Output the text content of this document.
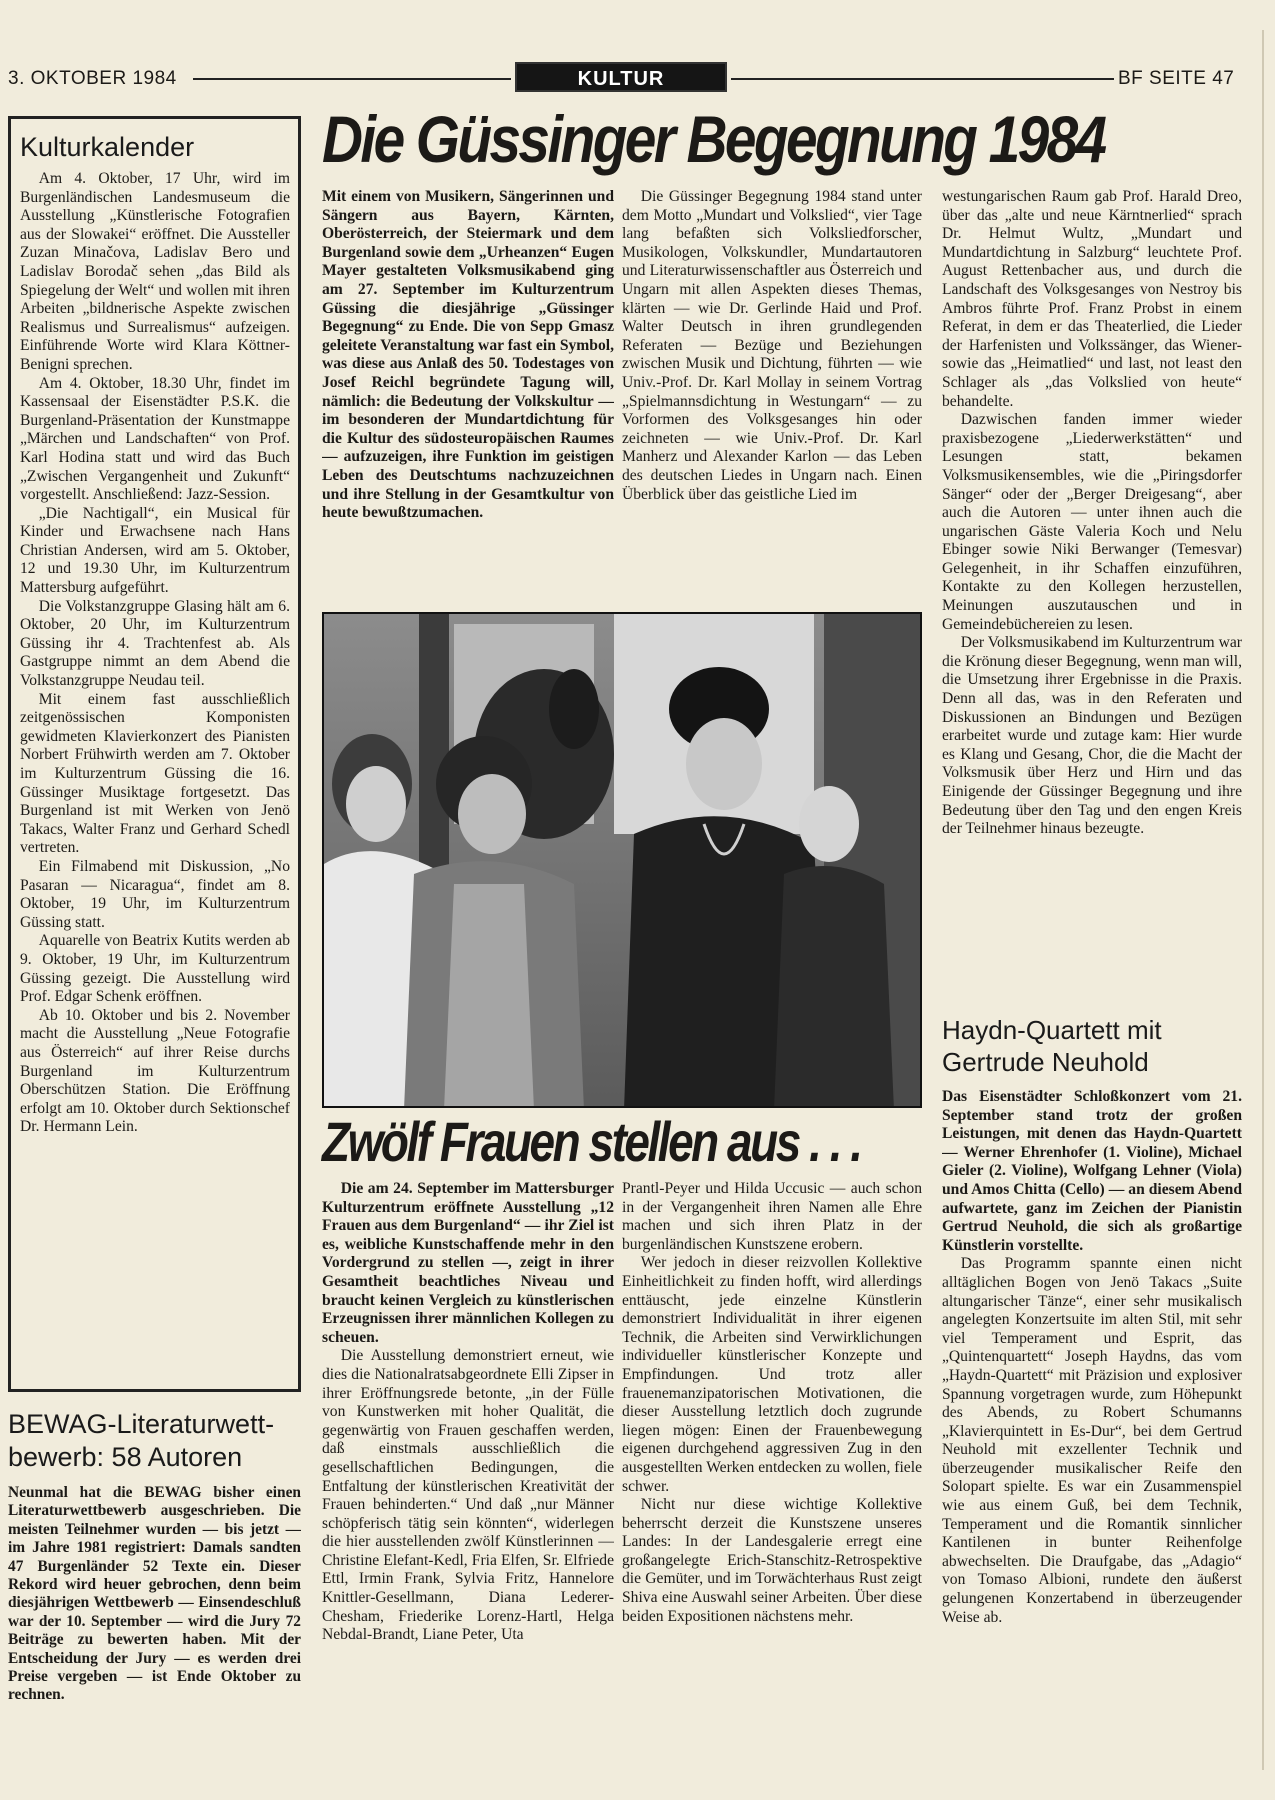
3. OKTOBER 1984	KULTUR	BF SEITE 47
Kulturkalender

Am 4. Oktober, 17 Uhr, wird im Burgenländischen Landesmuseum die Ausstellung „Künstlerische Fotografien aus der Slowakei“ eröffnet. Die Aussteller Zuzan Minačova, Ladislav Bero und Ladislav Borodač sehen „das Bild als Spiegelung der Welt“ und wollen mit ihren Arbeiten „bildnerische Aspekte zwischen Realismus und Surrealismus“ aufzeigen. Einführende Worte wird Klara Köttner-Benigni sprechen.

Am 4. Oktober, 18.30 Uhr, findet im Kassensaal der Eisenstädter P.S.K. die Burgenland-Präsentation der Kunstmappe „Märchen und Landschaften“ von Prof. Karl Hodina statt und wird das Buch „Zwischen Vergangenheit und Zukunft“ vorgestellt. Anschließend: Jazz-Session.

„Die Nachtigall“, ein Musical für Kinder und Erwachsene nach Hans Christian Andersen, wird am 5. Oktober, 12 und 19.30 Uhr, im Kulturzentrum Mattersburg aufgeführt.

Die Volkstanzgruppe Glasing hält am 6. Oktober, 20 Uhr, im Kulturzentrum Güssing ihr 4. Trachtenfest ab. Als Gastgruppe nimmt an dem Abend die Volkstanzgruppe Neudau teil.

Mit einem fast ausschließlich zeitgenössischen Komponisten gewidmeten Klavierkonzert des Pianisten Norbert Frühwirth werden am 7. Oktober im Kulturzentrum Güssing die 16. Güssinger Musiktage fortgesetzt. Das Burgenland ist mit Werken von Jenö Takacs, Walter Franz und Gerhard Schedl vertreten.

Ein Filmabend mit Diskussion, „No Pasaran — Nicaragua“, findet am 8. Oktober, 19 Uhr, im Kulturzentrum Güssing statt.

Aquarelle von Beatrix Kutits werden ab 9. Oktober, 19 Uhr, im Kulturzentrum Güssing gezeigt. Die Ausstellung wird Prof. Edgar Schenk eröffnen.

Ab 10. Oktober und bis 2. November macht die Ausstellung „Neue Fotografie aus Österreich“ auf ihrer Reise durchs Burgenland im Kulturzentrum Oberschützen Station. Die Eröffnung erfolgt am 10. Oktober durch Sektionschef Dr. Hermann Lein.

BEWAG-Literaturwett-
bewerb: 58 Autoren

Neunmal hat die BEWAG bisher einen Literaturwettbewerb ausgeschrieben. Die meisten Teilnehmer wurden — bis jetzt — im Jahre 1981 registriert: Damals sandten 47 Burgenländer 52 Texte ein. Dieser Rekord wird heuer gebrochen, denn beim diesjährigen Wettbewerb — Einsendeschluß war der 10. September — wird die Jury 72 Beiträge zu bewerten haben. Mit der Entscheidung der Jury — es werden drei Preise vergeben — ist Ende Oktober zu rechnen.

Die Güssinger Begegnung 1984

Mit einem von Musikern, Sängerinnen und Sängern aus Bayern, Kärnten, Oberösterreich, der Steiermark und dem Burgenland sowie dem „Urheanzen“ Eugen Mayer gestalteten Volksmusikabend ging am 27. September im Kulturzentrum Güssing die diesjährige „Güssinger Begegnung“ zu Ende. Die von Sepp Gmasz geleitete Veranstaltung war fast ein Symbol, was diese aus Anlaß des 50. Todestages von Josef Reichl begründete Tagung will, nämlich: die Bedeutung der Volkskultur — im besonderen der Mundartdichtung für die Kultur des südosteuropäischen Raumes — aufzuzeigen, ihre Funktion im geistigen Leben des Deutschtums nachzuzeichnen und ihre Stellung in der Gesamtkultur von heute bewußtzumachen.

Die Güssinger Begegnung 1984 stand unter dem Motto „Mundart und Volkslied“, vier Tage lang befaßten sich Volksliedforscher, Musikologen, Volkskundler, Mundartautoren und Literaturwissenschaftler aus Österreich und Ungarn mit allen Aspekten dieses Themas, klärten — wie Dr. Gerlinde Haid und Prof. Walter Deutsch in ihren grundlegenden Referaten — Bezüge und Beziehungen zwischen Musik und Dichtung, führten — wie Univ.-Prof. Dr. Karl Mollay in seinem Vortrag „Spielmannsdichtung in Westungarn“ — zu Vorformen des Volksgesanges hin oder zeichneten — wie Univ.-Prof. Dr. Karl Manherz und Alexander Karlon — das Leben des deutschen Liedes in Ungarn nach. Einen Überblick über das geistliche Lied im

westungarischen Raum gab Prof. Harald Dreo, über das „alte und neue Kärntnerlied“ sprach Dr. Helmut Wultz, „Mundart und Mundartdichtung in Salzburg“ leuchtete Prof. August Rettenbacher aus, und durch die Landschaft des Volksgesanges von Nestroy bis Ambros führte Prof. Franz Probst in einem Referat, in dem er das Theaterlied, die Lieder der Harfenisten und Volkssänger, das Wiener- sowie das „Heimatlied“ und last, not least den Schlager als „das Volkslied von heute“ behandelte.

Dazwischen fanden immer wieder praxisbezogene „Liederwerkstätten“ und Lesungen statt, bekamen Volksmusikensembles, wie die „Piringsdorfer Sänger“ oder der „Berger Dreigesang“, aber auch die Autoren — unter ihnen auch die ungarischen Gäste Valeria Koch und Nelu Ebinger sowie Niki Berwanger (Temesvar) Gelegenheit, in ihr Schaffen einzuführen, Kontakte zu den Kollegen herzustellen, Meinungen auszutauschen und in Gemeindebüchereien zu lesen.

Der Volksmusikabend im Kulturzentrum war die Krönung dieser Begegnung, wenn man will, die Umsetzung ihrer Ergebnisse in die Praxis. Denn all das, was in den Referaten und Diskussionen an Bindungen und Bezügen erarbeitet wurde und zutage kam: Hier wurde es Klang und Gesang, Chor, die die Macht der Volksmusik über Herz und Hirn und das Einigende der Güssinger Begegnung und ihre Bedeutung über den Tag und den engen Kreis der Teilnehmer hinaus bezeugte.

Zwölf Frauen stellen aus . . .

Die am 24. September im Mattersburger Kulturzentrum eröffnete Ausstellung „12 Frauen aus dem Burgenland“ — ihr Ziel ist es, weibliche Kunstschaffende mehr in den Vordergrund zu stellen —, zeigt in ihrer Gesamtheit beachtliches Niveau und braucht keinen Vergleich zu künstlerischen Erzeugnissen ihrer männlichen Kollegen zu scheuen.

Die Ausstellung demonstriert erneut, wie dies die Nationalratsabgeordnete Elli Zipser in ihrer Eröffnungsrede betonte, „in der Fülle von Kunstwerken mit hoher Qualität, die gegenwärtig von Frauen geschaffen werden, daß einstmals ausschließlich die gesellschaftlichen Bedingungen, die Entfaltung der künstlerischen Kreativität der Frauen behinderten.“ Und daß „nur Männer schöpferisch tätig sein könnten“, widerlegen die hier ausstellenden zwölf Künstlerinnen — Christine Elefant-Kedl, Fria Elfen, Sr. Elfriede Ettl, Irmin Frank, Sylvia Fritz, Hannelore Knittler-Gesellmann, Diana Lederer-Chesham, Friederike Lorenz-Hartl, Helga Nebdal-Brandt, Liane Peter, Uta

Prantl-Peyer und Hilda Uccusic — auch schon in der Vergangenheit ihren Namen alle Ehre machen und sich ihren Platz in der burgenländischen Kunstszene erobern.

Wer jedoch in dieser reizvollen Kollektive Einheitlichkeit zu finden hofft, wird allerdings enttäuscht, jede einzelne Künstlerin demonstriert Individualität in ihrer eigenen Technik, die Arbeiten sind Verwirklichungen individueller künstlerischer Konzepte und Empfindungen. Und trotz aller frauenemanzipatorischen Motivationen, die dieser Ausstellung letztlich doch zugrunde liegen mögen: Einen der Frauenbewegung eigenen durchgehend aggressiven Zug in den ausgestellten Werken entdecken zu wollen, fiele schwer.

Nicht nur diese wichtige Kollektive beherrscht derzeit die Kunstszene unseres Landes: In der Landesgalerie erregt eine großangelegte Erich-Stanschitz-Retrospektive die Gemüter, und im Torwächterhaus Rust zeigt Shiva eine Auswahl seiner Arbeiten. Über diese beiden Expositionen nächstens mehr.

Haydn-Quartett mit
Gertrude Neuhold

Das Eisenstädter Schloßkonzert vom 21. September stand trotz der großen Leistungen, mit denen das Haydn-Quartett — Werner Ehrenhofer (1. Violine), Michael Gieler (2. Violine), Wolfgang Lehner (Viola) und Amos Chitta (Cello) — an diesem Abend aufwartete, ganz im Zeichen der Pianistin Gertrud Neuhold, die sich als großartige Künstlerin vorstellte.

Das Programm spannte einen nicht alltäglichen Bogen von Jenö Takacs „Suite altungarischer Tänze“, einer sehr musikalisch angelegten Konzertsuite im alten Stil, mit sehr viel Temperament und Esprit, das „Quintenquartett“ Joseph Haydns, das vom „Haydn-Quartett“ mit Präzision und explosiver Spannung vorgetragen wurde, zum Höhepunkt des Abends, zu Robert Schumanns „Klavierquintett in Es-Dur“, bei dem Gertrud Neuhold mit exzellenter Technik und überzeugender musikalischer Reife den Solopart spielte. Es war ein Zusammenspiel wie aus einem Guß, bei dem Technik, Temperament und die Romantik sinnlicher Kantilenen in bunter Reihenfolge abwechselten. Die Draufgabe, das „Adagio“ von Tomaso Albioni, rundete den äußerst gelungenen Konzertabend in überzeugender Weise ab.
